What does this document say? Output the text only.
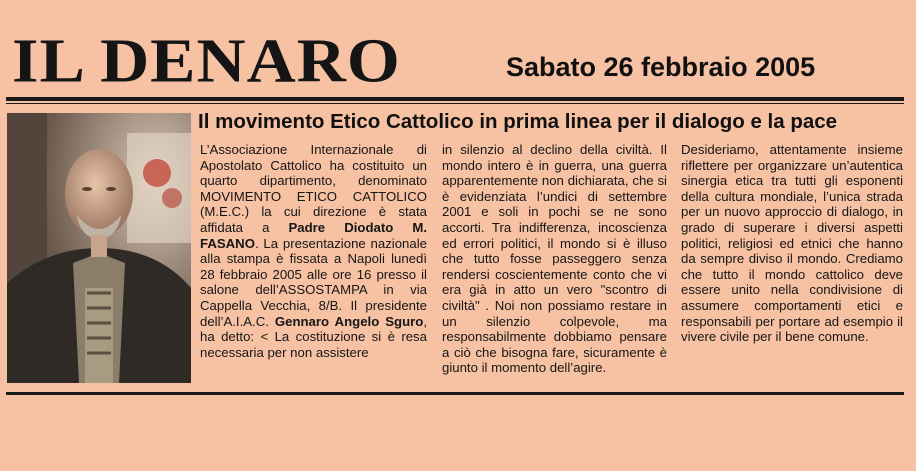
IL DENARO	Sabato 26 febbraio 2005
Il movimento Etico Cattolico in prima linea per il dialogo e la pace

L’Associazione Internazionale di Apostolato Cattolico ha costituito un quarto dipartimento, denominato MOVIMENTO ETICO CATTOLICO (M.E.C.) la cui direzione è stata affidata a Padre Diodato M. FASANO. La presentazione nazionale alla stampa è fissata a Napoli lunedì 28 febbraio 2005 alle ore 16 presso il salone dell’ASSOSTAMPA in via Cappella Vecchia, 8/B. Il presidente dell’A.I.A.C. Gennaro Angelo Sguro, ha detto: < La costituzione si è resa necessaria per non assistere

in silenzio al declino della civiltà. Il mondo intero è in guerra, una guerra apparentemente non dichiarata, che si è evidenziata l’undici di settembre 2001 e soli in pochi se ne sono accorti. Tra indifferenza, incoscienza ed errori politici, il mondo si è illuso che tutto fosse passeggero senza rendersi coscientemente conto che vi era già in atto un vero "scontro di civiltà" . Noi non possiamo restare in un silenzio colpevole, ma responsabilmente dobbiamo pensare a ciò che bisogna fare, sicuramente è giunto il momento dell’agire.

Desideriamo, attentamente insieme riflettere per organizzare un’autentica sinergia etica tra tutti gli esponenti della cultura mondiale, l’unica strada per un nuovo approccio di dialogo, in grado di superare i diversi aspetti politici, religiosi ed etnici che hanno da sempre diviso il mondo. Crediamo che tutto il mondo cattolico deve essere unito nella condivisione di assumere comportamenti etici e responsabili per portare ad esempio il vivere civile per il bene comune.
